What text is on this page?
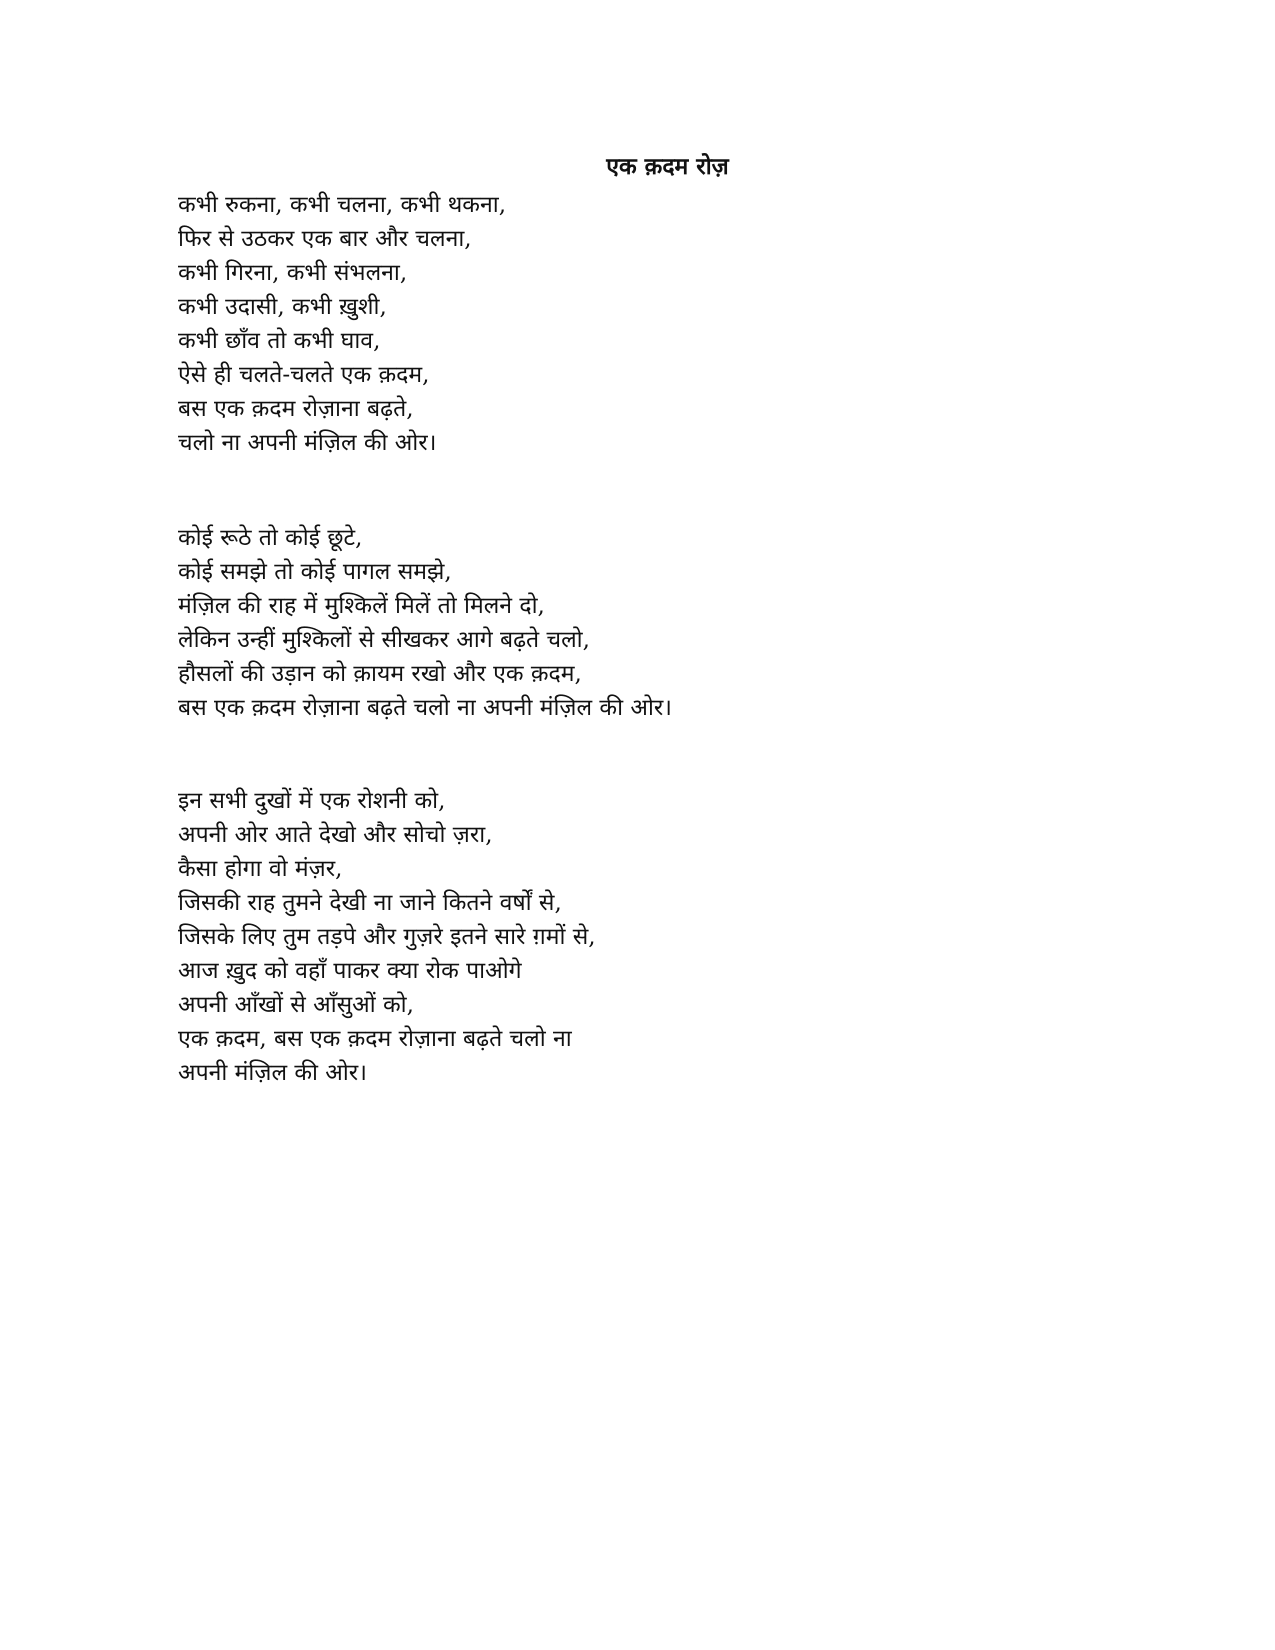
एक क़दम रोज़
कभी रुकना, कभी चलना, कभी थकना,
फिर से उठकर एक बार और चलना,
कभी गिरना, कभी संभलना,
कभी उदासी, कभी ख़ुशी,
कभी छाँव तो कभी घाव,
ऐसे ही चलते-चलते एक क़दम,
बस एक क़दम रोज़ाना बढ़ते,
चलो ना अपनी मंज़िल की ओर।
कोई रूठे तो कोई छूटे,
कोई समझे तो कोई पागल समझे,
मंज़िल की राह में मुश्किलें मिलें तो मिलने दो,
लेकिन उन्हीं मुश्किलों से सीखकर आगे बढ़ते चलो,
हौसलों की उड़ान को क़ायम रखो और एक क़दम,
बस एक क़दम रोज़ाना बढ़ते चलो ना अपनी मंज़िल की ओर।
इन सभी दुखों में एक रोशनी को,
अपनी ओर आते देखो और सोचो ज़रा,
कैसा होगा वो मंज़र,
जिसकी राह तुमने देखी ना जाने कितने वर्षों से,
जिसके लिए तुम तड़पे और गुज़रे इतने सारे ग़मों से,
आज ख़ुद को वहाँ पाकर क्या रोक पाओगे
अपनी आँखों से आँसुओं को,
एक क़दम, बस एक क़दम रोज़ाना बढ़ते चलो ना
अपनी मंज़िल की ओर।
